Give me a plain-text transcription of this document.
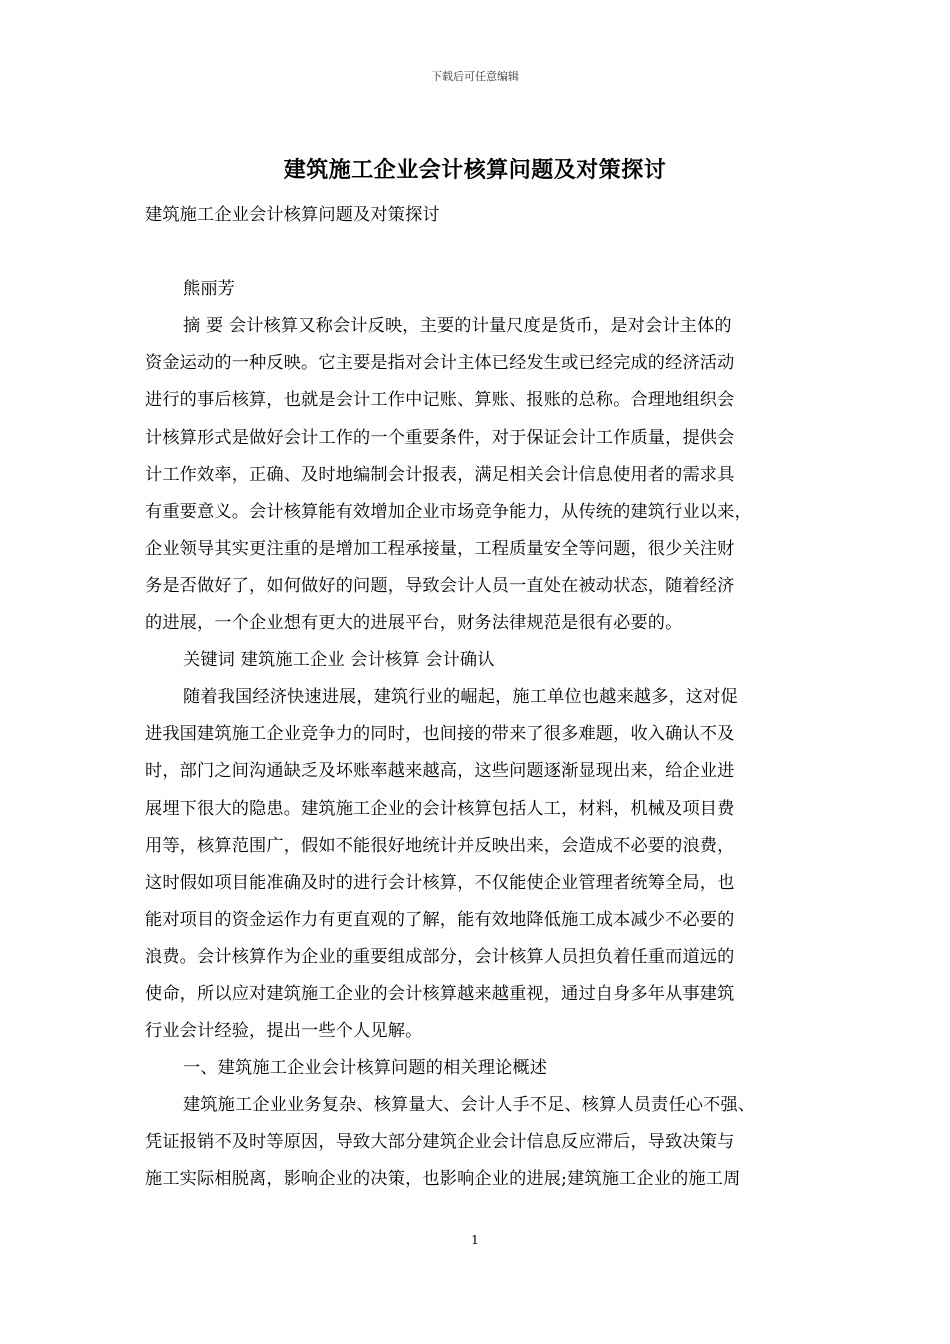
下载后可任意编辑
建筑施工企业会计核算问题及对策探讨
建筑施工企业会计核算问题及对策探讨
熊丽芳
摘 要 会计核算又称会计反映，主要的计量尺度是货币，是对会计主体的
资金运动的一种反映。它主要是指对会计主体已经发生或已经完成的经济活动
进行的事后核算，也就是会计工作中记账、算账、报账的总称。合理地组织会
计核算形式是做好会计工作的一个重要条件，对于保证会计工作质量，提供会
计工作效率，正确、及时地编制会计报表，满足相关会计信息使用者的需求具
有重要意义。会计核算能有效增加企业市场竞争能力，从传统的建筑行业以来，
企业领导其实更注重的是增加工程承接量，工程质量安全等问题，很少关注财
务是否做好了，如何做好的问题，导致会计人员一直处在被动状态，随着经济
的进展，一个企业想有更大的进展平台，财务法律规范是很有必要的。
关键词 建筑施工企业 会计核算 会计确认
随着我国经济快速进展，建筑行业的崛起，施工单位也越来越多，这对促
进我国建筑施工企业竞争力的同时，也间接的带来了很多难题，收入确认不及
时，部门之间沟通缺乏及坏账率越来越高，这些问题逐渐显现出来，给企业进
展埋下很大的隐患。建筑施工企业的会计核算包括人工，材料，机械及项目费
用等，核算范围广，假如不能很好地统计并反映出来，会造成不必要的浪费，
这时假如项目能准确及时的进行会计核算，不仅能使企业管理者统筹全局，也
能对项目的资金运作力有更直观的了解，能有效地降低施工成本减少不必要的
浪费。会计核算作为企业的重要组成部分，会计核算人员担负着任重而道远的
使命，所以应对建筑施工企业的会计核算越来越重视，通过自身多年从事建筑
行业会计经验，提出一些个人见解。
一、建筑施工企业会计核算问题的相关理论概述
建筑施工企业业务复杂、核算量大、会计人手不足、核算人员责任心不强、
凭证报销不及时等原因，导致大部分建筑企业会计信息反应滞后，导致决策与
施工实际相脱离，影响企业的决策，也影响企业的进展;建筑施工企业的施工周
1
